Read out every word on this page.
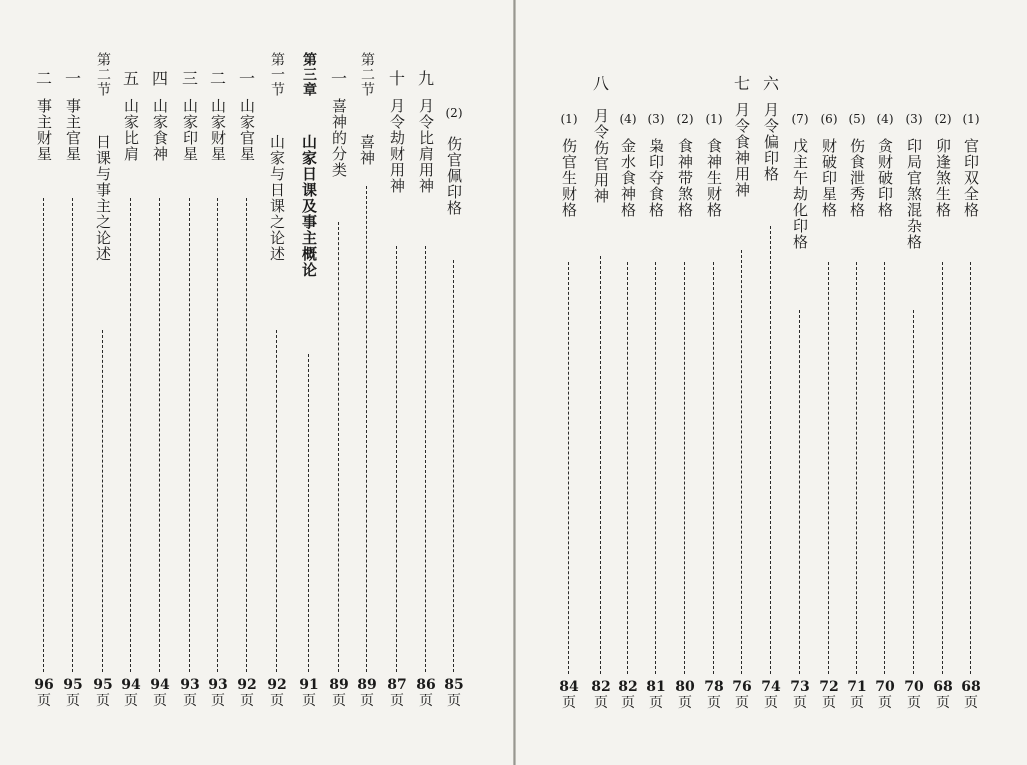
二
事主财星
96
页
一
事主官星
95
页
第二节
日课与事主之论述
95
页
五
山家比肩
94
页
四
山家食神
94
页
三
山家印星
93
页
二
山家财星
93
页
一
山家官星
92
页
第一节
山家与日课之论述
92
页
第三章
山家日课及事主概论
91
页
一
喜神的分类
89
页
第二节
喜神
89
页
十
月令劫财用神
87
页
九
月令比肩用神
86
页
(2)
伤官佩印格
85
页
(1)
伤官生财格
84
页
八
月令伤官用神
82
页
(4)
金水食神格
82
页
(3)
枭印夺食格
81
页
(2)
食神带煞格
80
页
(1)
食神生财格
78
页
七
月令食神用神
76
页
六
月令偏印格
74
页
(7)
戊主午劫化印格
73
页
(6)
财破印星格
72
页
(5)
伤食泄秀格
71
页
(4)
贪财破印格
70
页
(3)
印局官煞混杂格
70
页
(2)
卯逢煞生格
68
页
(1)
官印双全格
68
页
